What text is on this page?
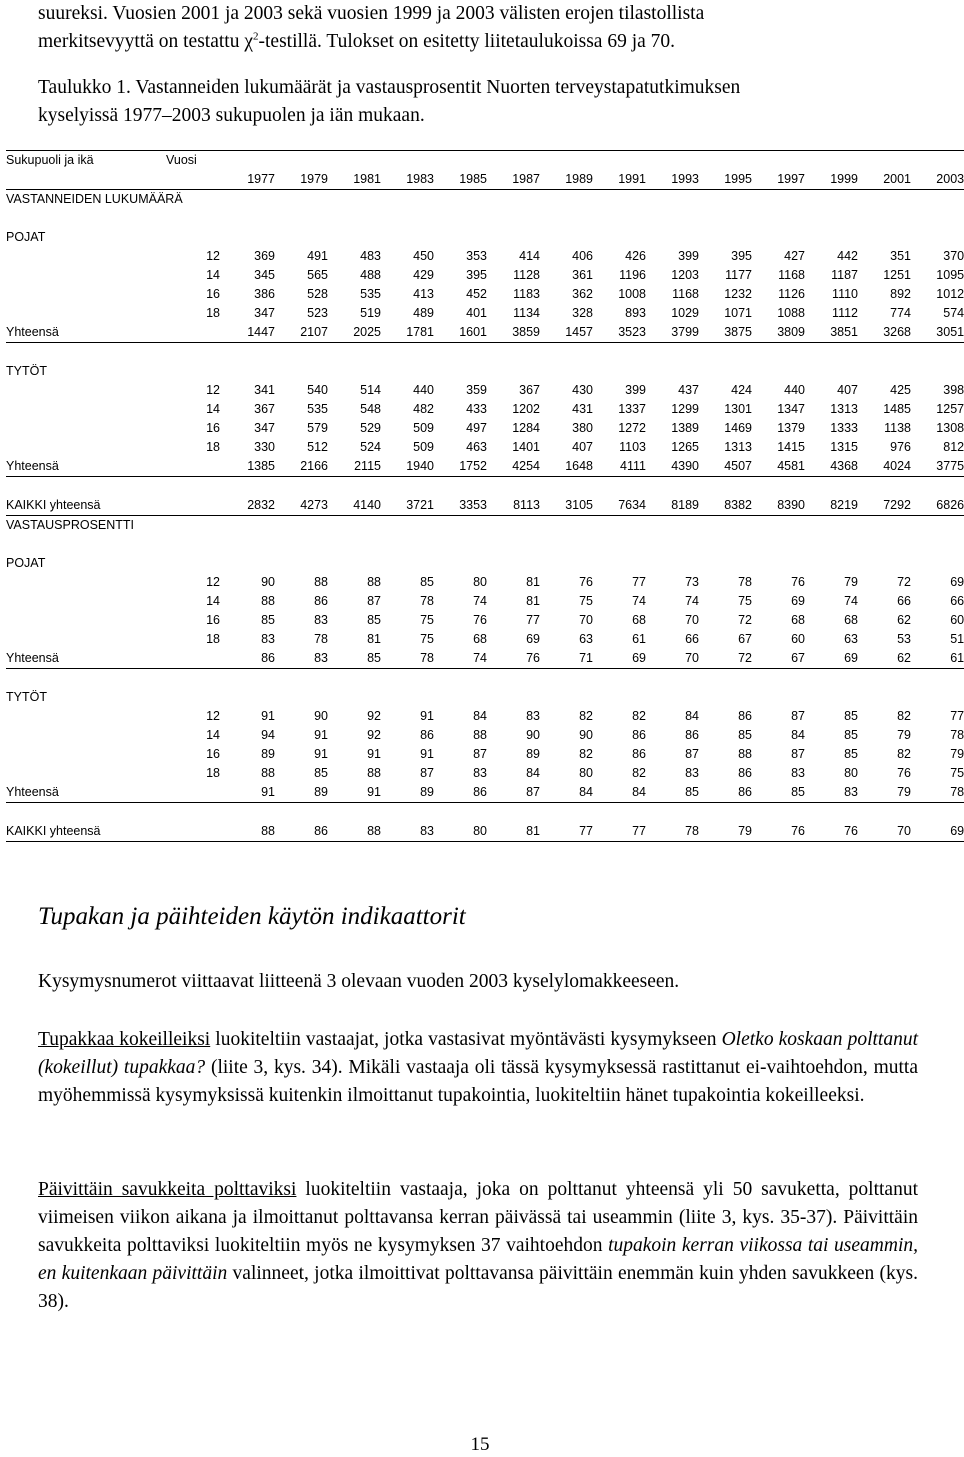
suureksi. Vuosien 2001 ja 2003 sekä vuosien 1999 ja 2003 välisten erojen tilastollista

merkitsevyyttä on testattu $\chi^2$-testillä. Tulokset on esitetty liitetaulukoissa 69 ja 70.

Taulukko 1. Vastanneiden lukumäärät ja vastausprosentit Nuorten terveystapatutkimuksen

kyselyissä 1977–2003 sukupuolen ja iän mukaan.

Sukupuoli ja ikä	Vuosi														
		1977	1979	1981	1983	1985	1987	1989	1991	1993	1995	1997	1999	2001	2003
VASTANNEIDEN LUKUMÄÄRÄ															

POJAT															
	12	369	491	483	450	353	414	406	426	399	395	427	442	351	370
	14	345	565	488	429	395	1128	361	1196	1203	1177	1168	1187	1251	1095
	16	386	528	535	413	452	1183	362	1008	1168	1232	1126	1110	892	1012
	18	347	523	519	489	401	1134	328	893	1029	1071	1088	1112	774	574
Yhteensä		1447	2107	2025	1781	1601	3859	1457	3523	3799	3875	3809	3851	3268	3051

TYTÖT															
	12	341	540	514	440	359	367	430	399	437	424	440	407	425	398
	14	367	535	548	482	433	1202	431	1337	1299	1301	1347	1313	1485	1257
	16	347	579	529	509	497	1284	380	1272	1389	1469	1379	1333	1138	1308
	18	330	512	524	509	463	1401	407	1103	1265	1313	1415	1315	976	812
Yhteensä		1385	2166	2115	1940	1752	4254	1648	4111	4390	4507	4581	4368	4024	3775

KAIKKI yhteensä		2832	4273	4140	3721	3353	8113	3105	7634	8189	8382	8390	8219	7292	6826
VASTAUSPROSENTTI															

POJAT															
	12	90	88	88	85	80	81	76	77	73	78	76	79	72	69
	14	88	86	87	78	74	81	75	74	74	75	69	74	66	66
	16	85	83	85	75	76	77	70	68	70	72	68	68	62	60
	18	83	78	81	75	68	69	63	61	66	67	60	63	53	51
Yhteensä		86	83	85	78	74	76	71	69	70	72	67	69	62	61

TYTÖT															
	12	91	90	92	91	84	83	82	82	84	86	87	85	82	77
	14	94	91	92	86	88	90	90	86	86	85	84	85	79	78
	16	89	91	91	91	87	89	82	86	87	88	87	85	82	79
	18	88	85	88	87	83	84	80	82	83	86	83	80	76	75
Yhteensä		91	89	91	89	86	87	84	84	85	86	85	83	79	78

KAIKKI yhteensä		88	86	88	83	80	81	77	77	78	79	76	76	70	69
Tupakan ja päihteiden käytön indikaattorit

Kysymysnumerot viittaavat liitteenä 3 olevaan vuoden 2003 kyselylomakkeeseen.

Tupakkaa kokeilleiksi luokiteltiin vastaajat, jotka vastasivat myöntävästi kysymykseen Oletko koskaan polttanut (kokeillut) tupakkaa? (liite 3, kys. 34). Mikäli vastaaja oli tässä kysymyksessä rastittanut ei-vaihtoehdon, mutta myöhemmissä kysymyksissä kuitenkin ilmoittanut tupakointia, luokiteltiin hänet tupakointia kokeilleeksi.

Päivittäin savukkeita polttaviksi luokiteltiin vastaaja, joka on polttanut yhteensä yli 50 savuketta, polttanut viimeisen viikon aikana ja ilmoittanut polttavansa kerran päivässä tai useammin (liite 3, kys. 35-37). Päivittäin savukkeita polttaviksi luokiteltiin myös ne kysymyksen 37 vaihtoehdon tupakoin kerran viikossa tai useammin, en kuitenkaan päivittäin valinneet, jotka ilmoittivat polttavansa päivittäin enemmän kuin yhden savukkeen (kys. 38).

15
